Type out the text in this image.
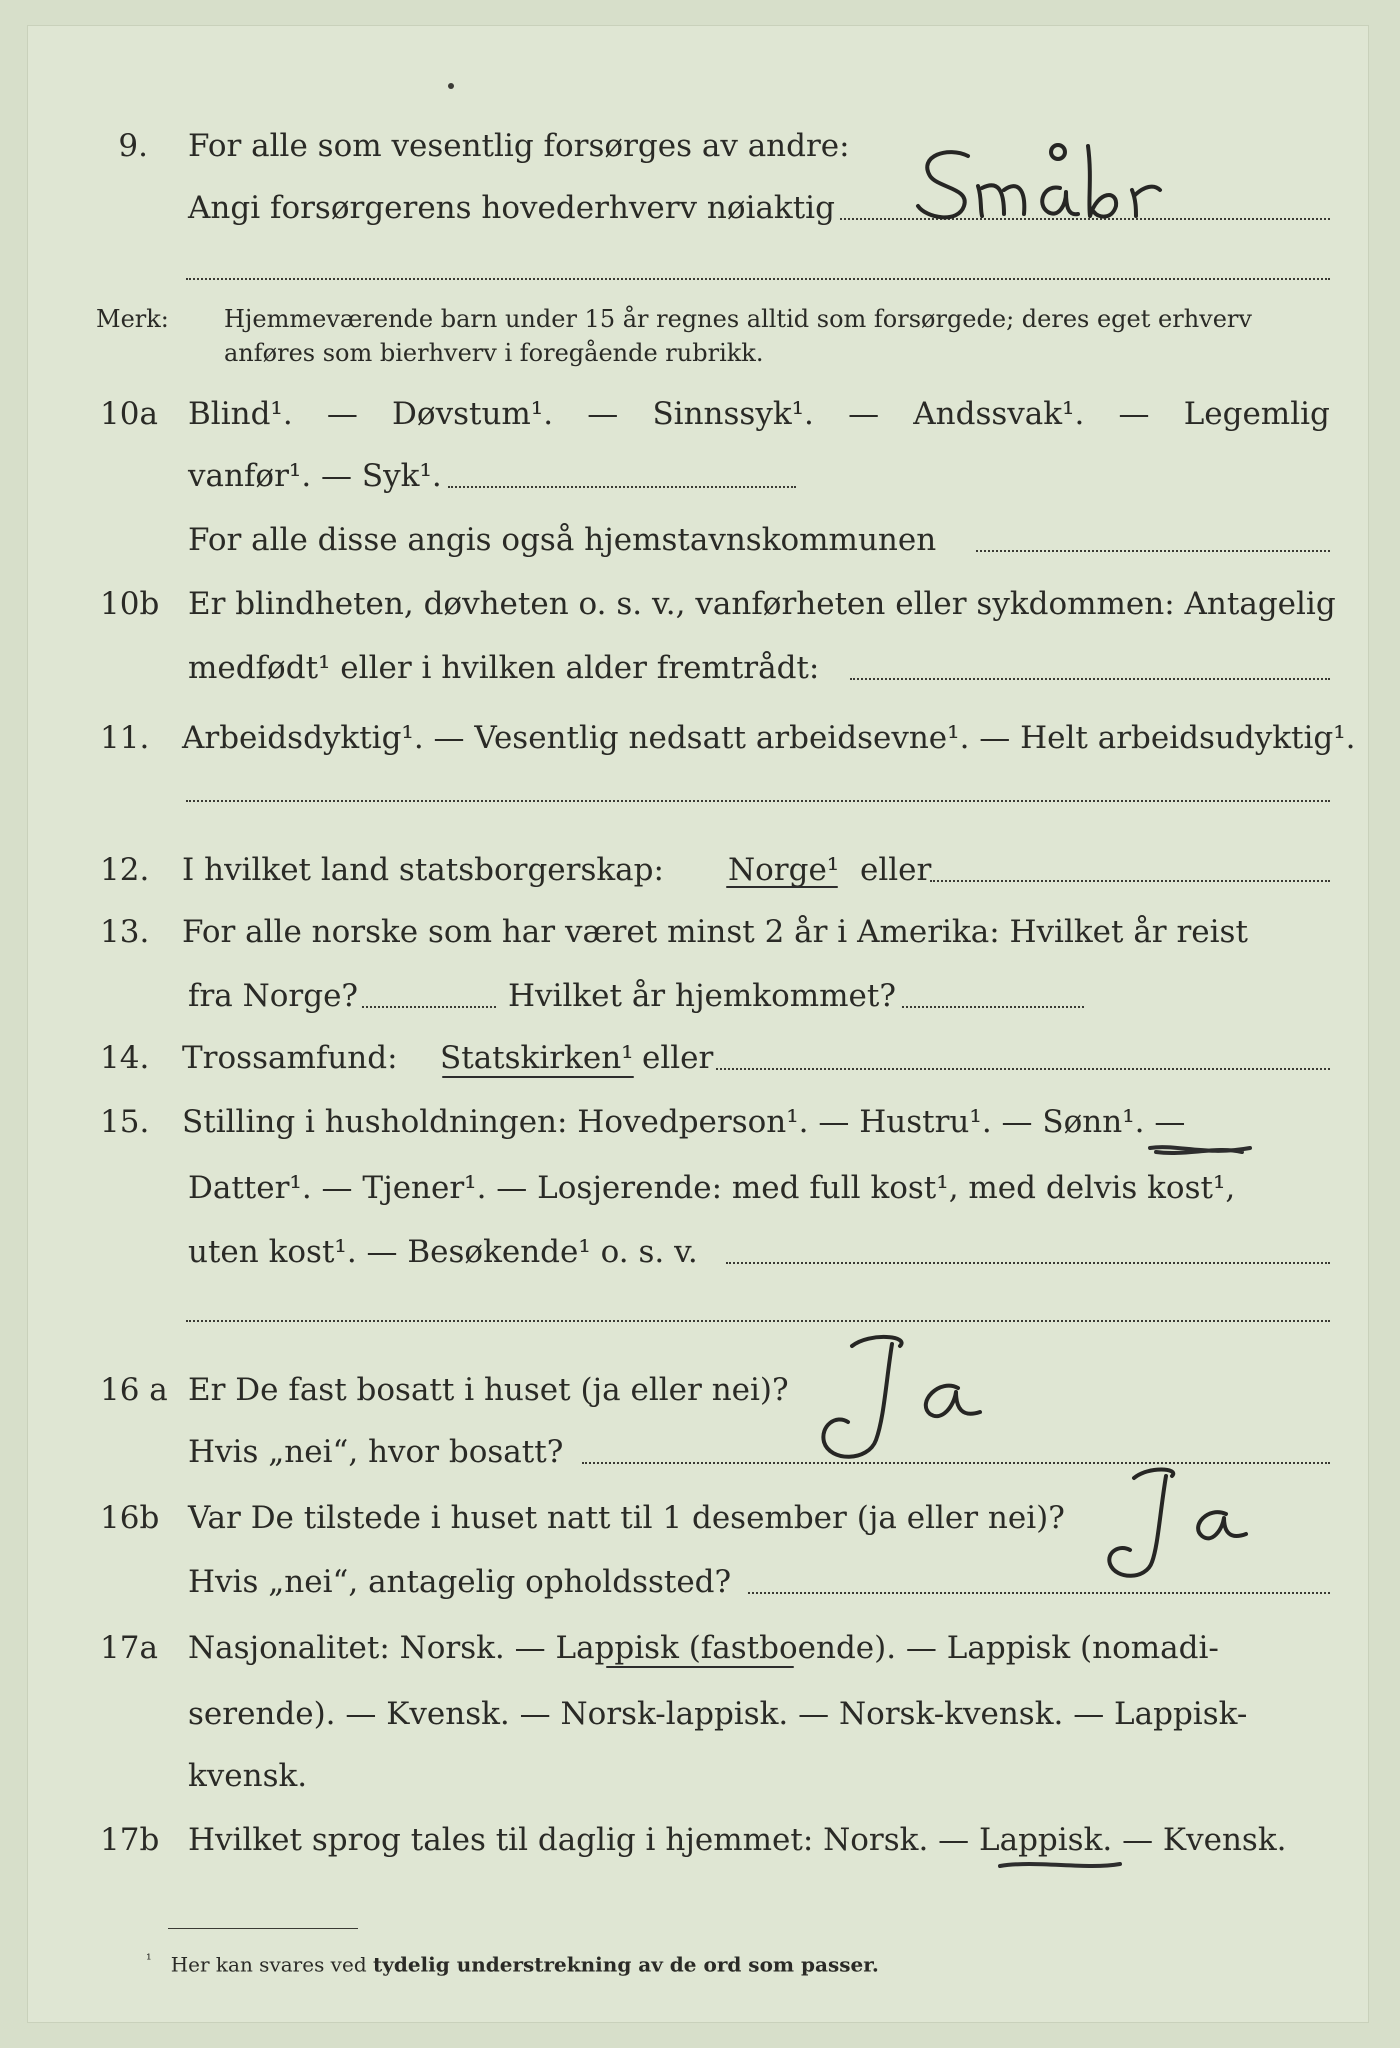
9. For alle som vesentlig forsørges av andre:
Angi forsørgerens hovederhverv nøiaktig
Merk: Hjemmeværende barn under 15 år regnes alltid som forsørgede; deres eget erhverv
anføres som bierhverv i foregående rubrikk.
10a Blind¹. — Døvstum¹. — Sinnssyk¹. — Andssvak¹. — Legemlig
vanfør¹. — Syk¹.
For alle disse angis også hjemstavnskommunen
10b Er blindheten, døvheten o. s. v., vanførheten eller sykdommen: Antagelig
medfødt¹ eller i hvilken alder fremtrådt:
11.	Arbeidsdyktig¹. — Vesentlig nedsatt arbeidsevne¹. — Helt arbeidsudyktig¹.
12.	I hvilket land statsborgerskap:	Norge¹ eller
13.	For alle norske som har været minst 2 år i Amerika: Hvilket år reist
fra Norge?	Hvilket år hjemkommet?
14.	Trossamfund:	Statskirken¹ eller
15.	Stilling i husholdningen: Hovedperson¹. — Hustru¹. — Sønn¹. —
Datter¹. — Tjener¹. — Losjerende: med full kost¹, med delvis kost¹,
uten kost¹. — Besøkende¹ o. s. v.
16 a Er De fast bosatt i huset (ja eller nei)?
Hvis „nei“, hvor bosatt?
16b Var De tilstede i huset natt til 1 desember (ja eller nei)?
Hvis „nei“, antagelig opholdssted?
17a Nasjonalitet: Norsk. — Lappisk (fastboende). — Lappisk (nomadi-
serende). — Kvensk. — Norsk-lappisk. — Norsk-kvensk. — Lappisk-
kvensk.
17b Hvilket sprog tales til daglig i hjemmet: Norsk. — Lappisk. — Kvensk.
$^{^1}$ Her kan svares ved tydelig understrekning av de ord som passer.
